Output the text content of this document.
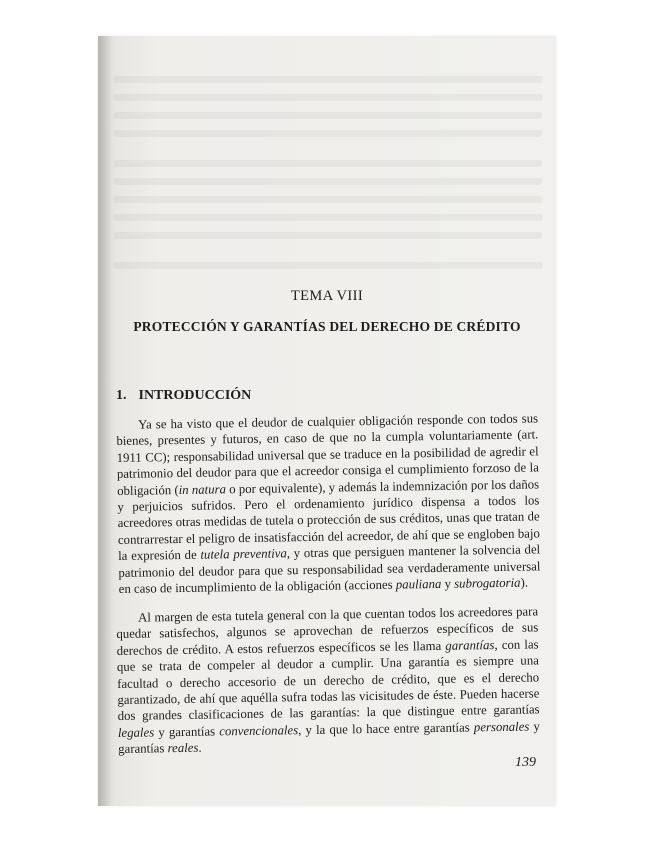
TEMA VIII
PROTECCIÓN Y GARANTÍAS DEL DERECHO DE CRÉDITO
1. INTRODUCCIÓN

Ya se ha visto que el deudor de cualquier obligación responde con todos sus bienes, presentes y futuros, en caso de que no la cumpla voluntariamente (art. 1911 CC); responsabilidad universal que se traduce en la posibilidad de agredir el patrimonio del deudor para que el acreedor consiga el cumplimiento forzoso de la obligación (in natura o por equivalente), y además la indemnización por los daños y perjuicios sufridos. Pero el ordenamiento jurídico dispensa a todos los acreedores otras medidas de tutela o protección de sus créditos, unas que tratan de contrarrestar el peligro de insatisfacción del acreedor, de ahí que se engloben bajo la expresión de tutela preventiva, y otras que persiguen mantener la solvencia del patrimonio del deudor para que su responsabilidad sea verdaderamente universal en caso de incumplimiento de la obligación (acciones pauliana y subrogatoria).

Al margen de esta tutela general con la que cuentan todos los acreedores para quedar satisfechos, algunos se aprovechan de refuerzos específicos de sus derechos de crédito. A estos refuerzos específicos se les llama garantías, con las que se trata de compeler al deudor a cumplir. Una garantía es siempre una facultad o derecho accesorio de un derecho de crédito, que es el derecho garantizado, de ahí que aquélla sufra todas las vicisitudes de éste. Pueden hacerse dos grandes clasificaciones de las garantías: la que distingue entre garantías legales y garantías convencionales, y la que lo hace entre garantías personales y garantías reales.

139
